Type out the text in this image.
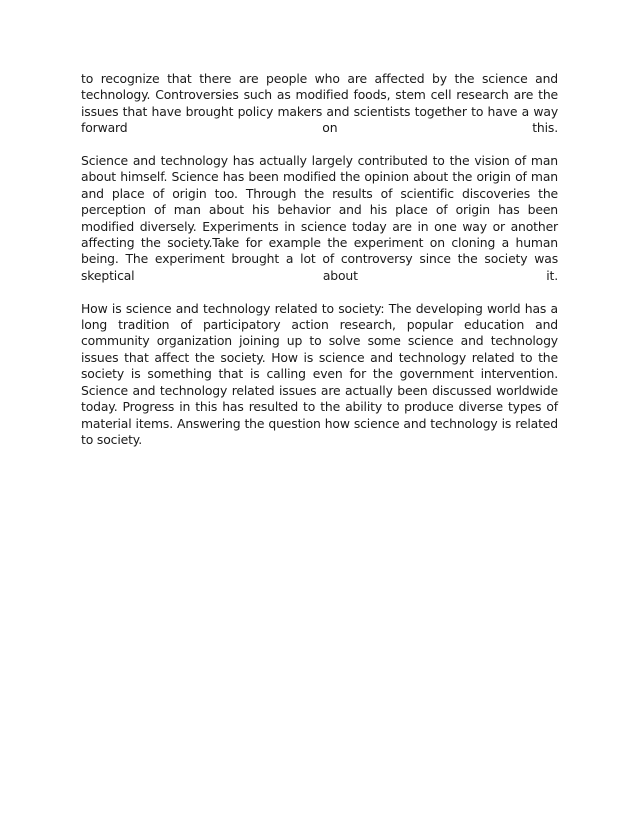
to recognize that there are people who are affected by the science and technology. Controversies such as modified foods, stem cell research are the issues that have brought policy makers and scientists together to have a way forward on this.

Science and technology has actually largely contributed to the vision of man about himself. Science has been modified the opinion about the origin of man and place of origin too. Through the results of scientific discoveries the perception of man about his behavior and his place of origin has been modified diversely. Experiments in science today are in one way or another affecting the society.Take for example the experiment on cloning a human being. The experiment brought a lot of controversy since the society was skeptical about it.

How is science and technology related to society: The developing world has a long tradition of participatory action research, popular education and community organization joining up to solve some science and technology issues that affect the society. How is science and technology related to the society is something that is calling even for the government intervention. Science and technology related issues are actually been discussed worldwide today. Progress in this has resulted to the ability to produce diverse types of material items. Answering the question how science and technology is related to society.
